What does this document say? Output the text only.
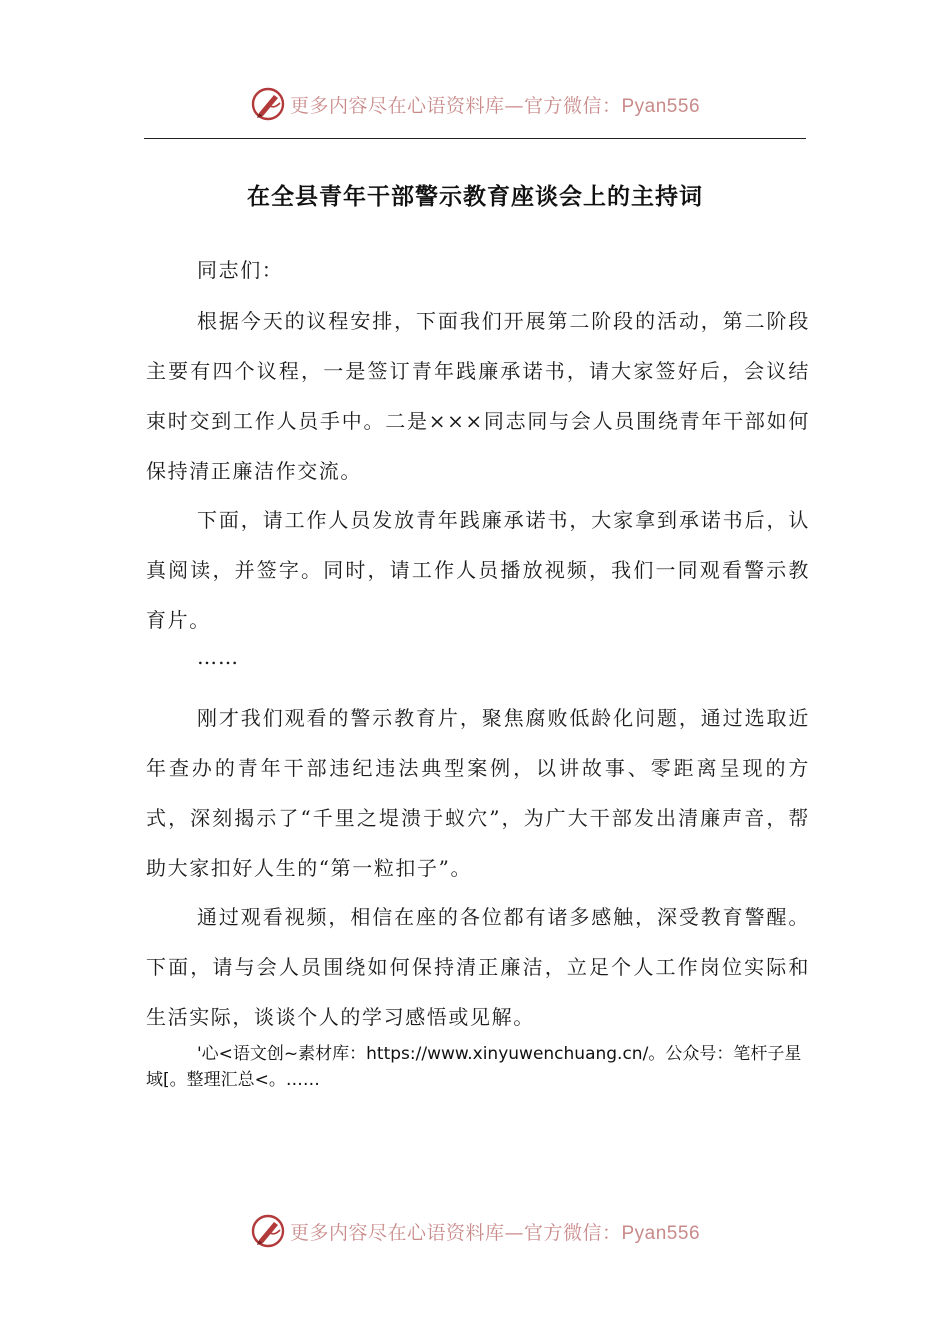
更多内容尽在心语资料库—官方微信：Pyan556
在全县青年干部警示教育座谈会上的主持词

同志们：

根据今天的议程安排，下面我们开展第二阶段的活动，第二阶段主要有四个议程，一是签订青年践廉承诺书，请大家签好后，会议结束时交到工作人员手中。二是×××同志同与会人员围绕青年干部如何保持清正廉洁作交流。

下面，请工作人员发放青年践廉承诺书，大家拿到承诺书后，认真阅读，并签字。同时，请工作人员播放视频，我们一同观看警示教育片。

……

刚才我们观看的警示教育片，聚焦腐败低龄化问题，通过选取近年查办的青年干部违纪违法典型案例，以讲故事、零距离呈现的方式，深刻揭示了“千里之堤溃于蚁穴”，为广大干部发出清廉声音，帮助大家扣好人生的“第一粒扣子”。

通过观看视频，相信在座的各位都有诸多感触，深受教育警醒。下面，请与会人员围绕如何保持清正廉洁，立足个人工作岗位实际和生活实际，谈谈个人的学习感悟或见解。

'心<语文创~素材库：https://www.xinyuwenchuang.cn/。公众号：笔杆子星域[。整理汇总<。……

更多内容尽在心语资料库—官方微信：Pyan556
